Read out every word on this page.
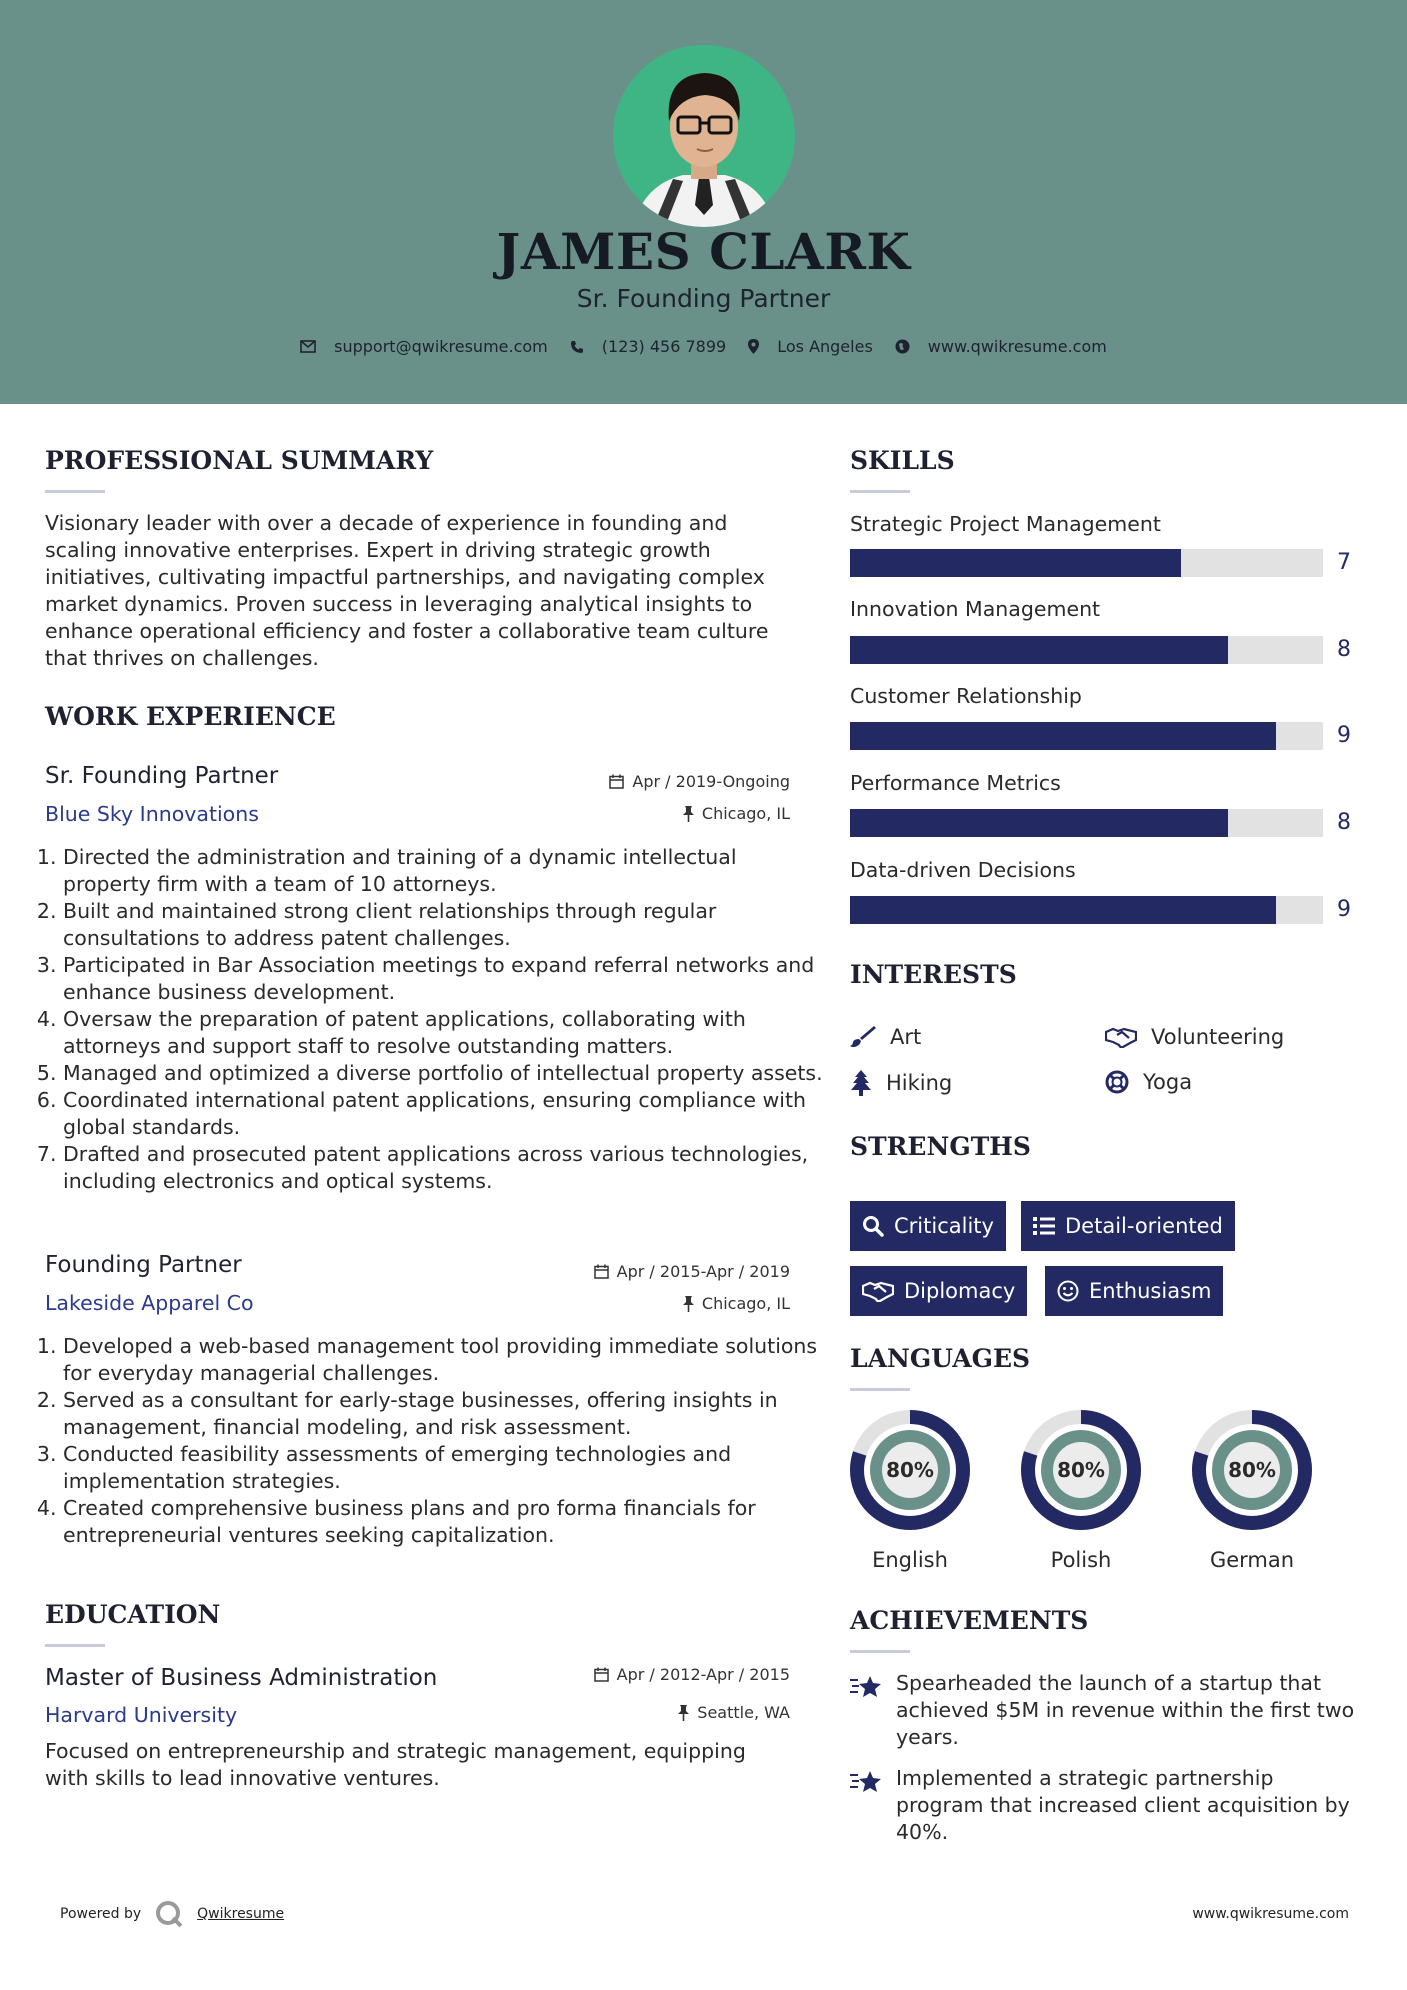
JAMES CLARK
Sr. Founding Partner
support@qwikresume.com	(123) 456 7899	Los Angeles	www.qwikresume.com
PROFESSIONAL SUMMARY
Visionary leader with over a decade of experience in founding and
scaling innovative enterprises. Expert in driving strategic growth
initiatives, cultivating impactful partnerships, and navigating complex
market dynamics. Proven success in leveraging analytical insights to
enhance operational efficiency and foster a collaborative team culture
that thrives on challenges.
WORK EXPERIENCE
Sr. Founding Partner
Blue Sky Innovations
Apr / 2019-Ongoing
Chicago, IL
1. Directed the administration and training of a dynamic intellectual property firm with a team of 10 attorneys.
2. Built and maintained strong client relationships through regular consultations to address patent challenges.
3. Participated in Bar Association meetings to expand referral networks and enhance business development.
4. Oversaw the preparation of patent applications, collaborating with attorneys and support staff to resolve outstanding matters.
5. Managed and optimized a diverse portfolio of intellectual property assets.
6. Coordinated international patent applications, ensuring compliance with global standards.
7. Drafted and prosecuted patent applications across various technologies, including electronics and optical systems.
Founding Partner
Lakeside Apparel Co
Apr / 2015-Apr / 2019
Chicago, IL
1. Developed a web-based management tool providing immediate solutions for everyday managerial challenges.
2. Served as a consultant for early-stage businesses, offering insights in management, financial modeling, and risk assessment.
3. Conducted feasibility assessments of emerging technologies and implementation strategies.
4. Created comprehensive business plans and pro forma financials for entrepreneurial ventures seeking capitalization.
EDUCATION
Master of Business Administration
Harvard University
Apr / 2012-Apr / 2015
Seattle, WA
Focused on entrepreneurship and strategic management, equipping
with skills to lead innovative ventures.
SKILLS
Strategic Project Management
7
Innovation Management
8
Customer Relationship
9
Performance Metrics
8
Data-driven Decisions
9
INTERESTS
Art	Volunteering
Hiking	Yoga
STRENGTHS
Criticality	Detail-oriented
Diplomacy	Enthusiasm
LANGUAGES
80%
English
80%
Polish
80%
German
ACHIEVEMENTS
Spearheaded the launch of a startup that
achieved $5M in revenue within the first two
years.
Implemented a strategic partnership
program that increased client acquisition by
40%.
Powered by	Qwikresume	www.qwikresume.com
